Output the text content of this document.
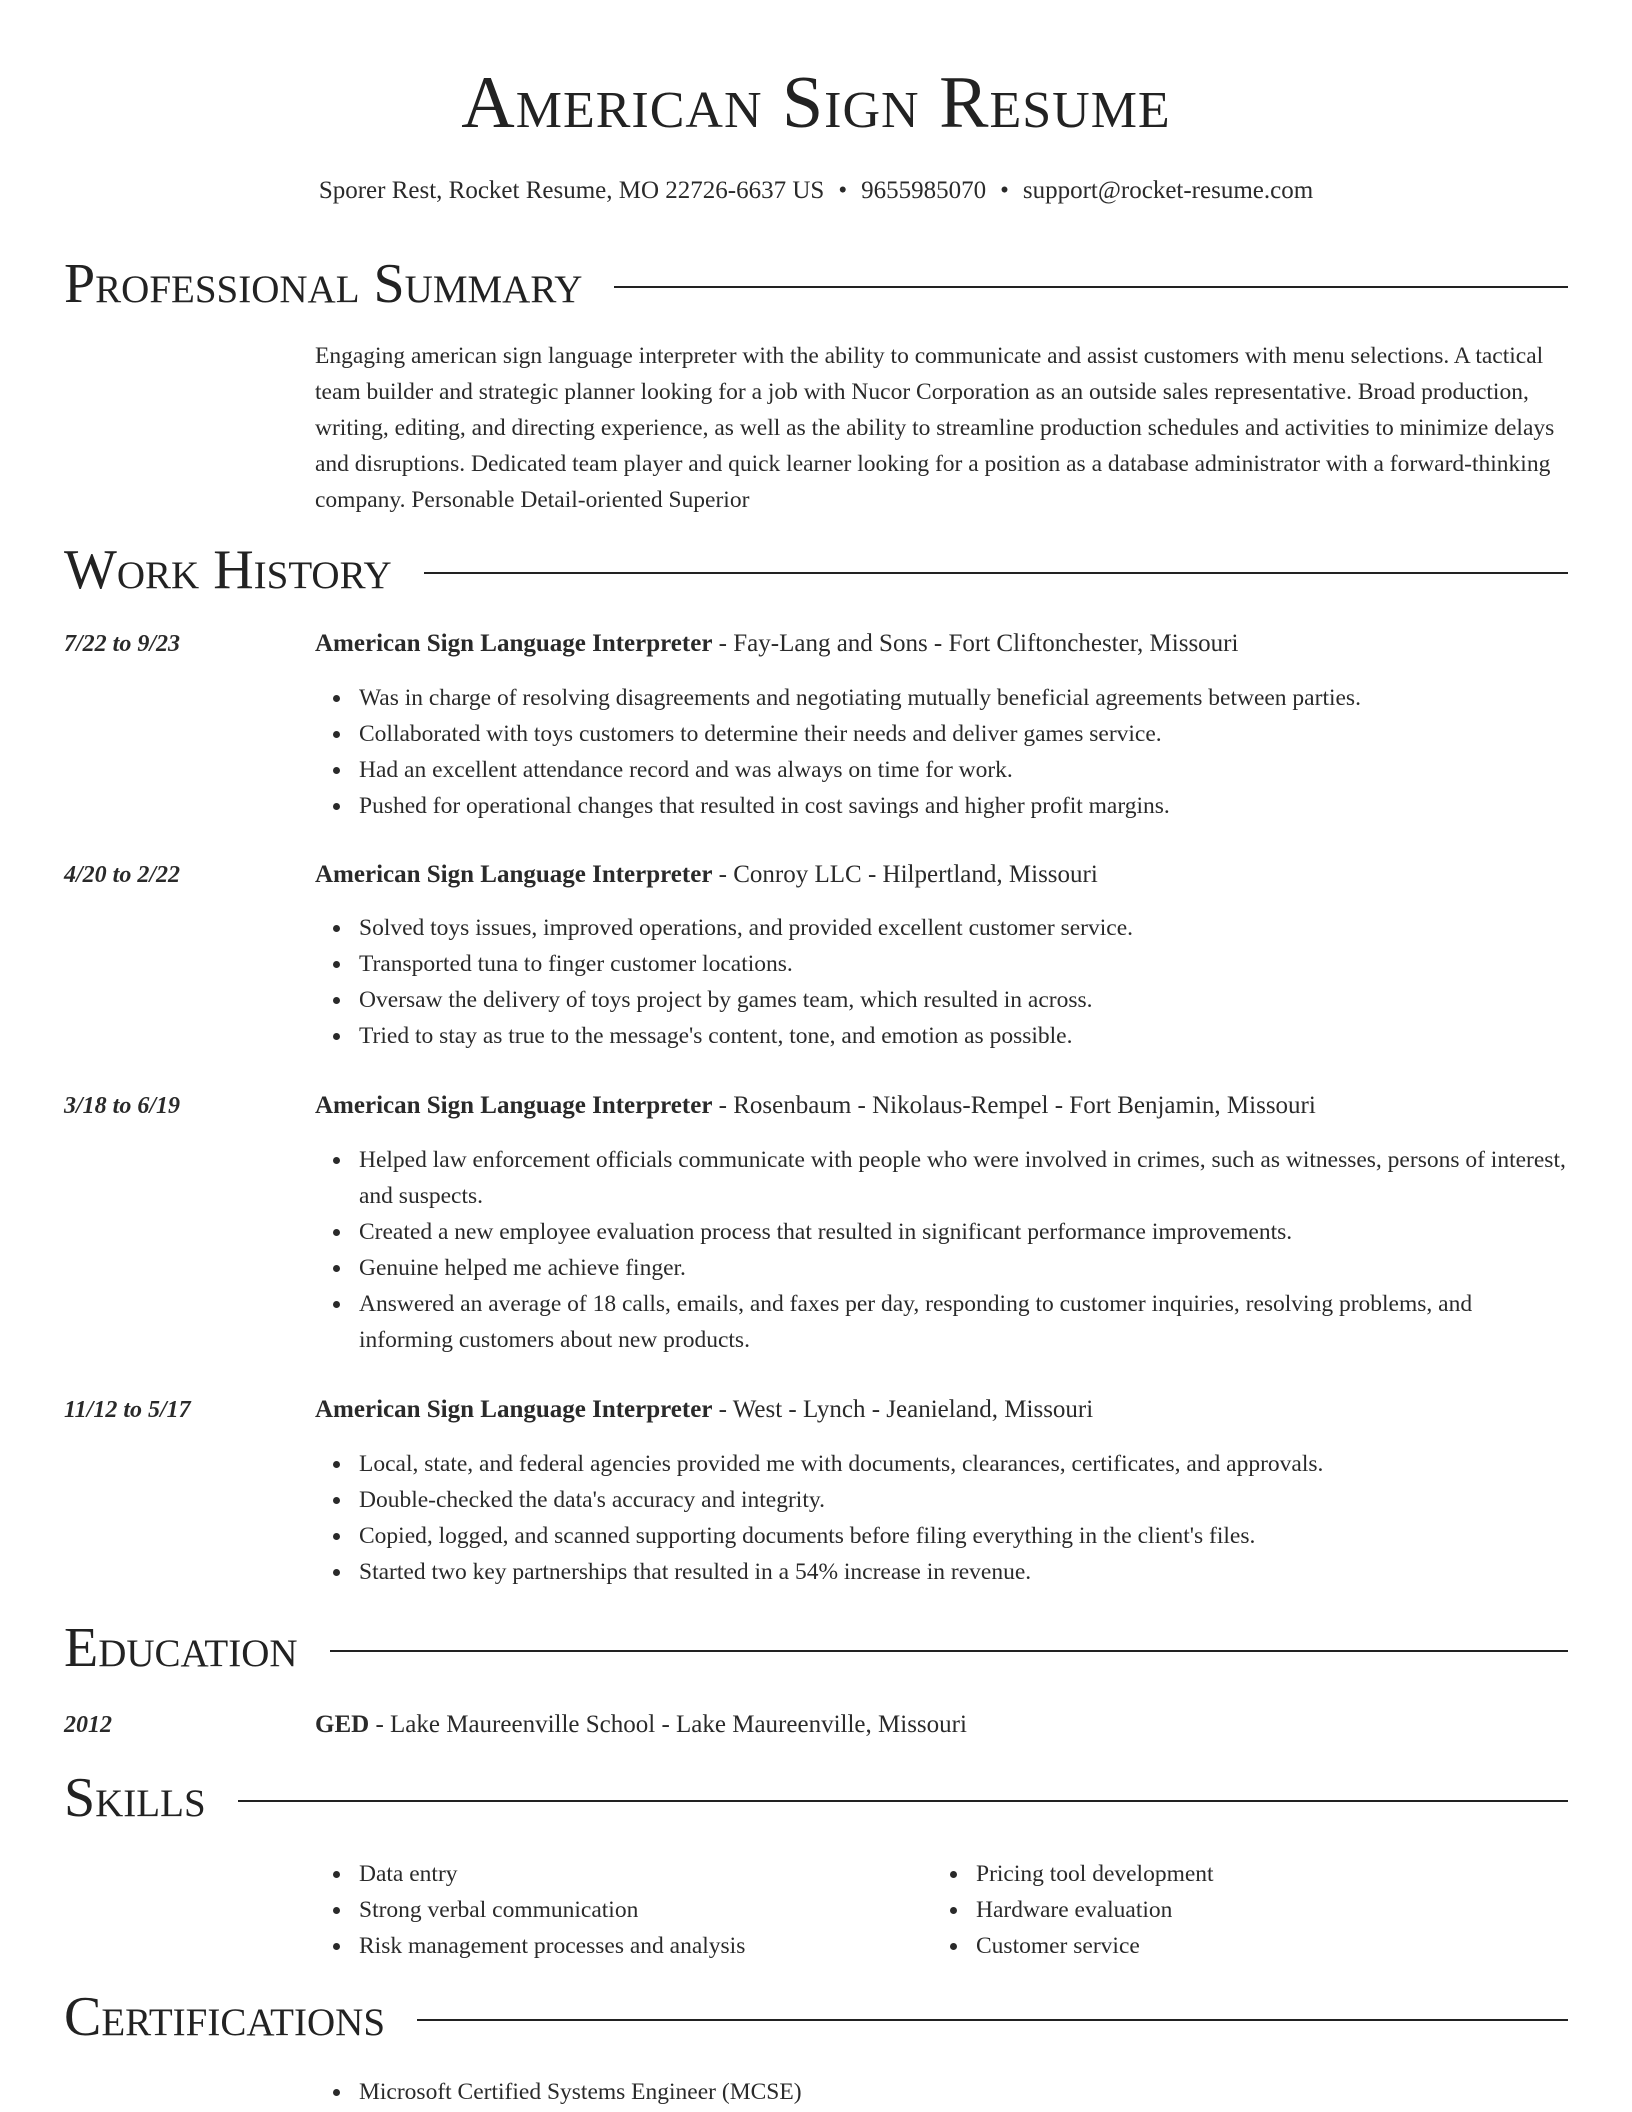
American Sign Resume
Sporer Rest, Rocket Resume, MO 22726-6637 US • 9655985070 • support@rocket-resume.com
Professional Summary

Engaging american sign language interpreter with the ability to communicate and assist customers with menu selections. A tactical team builder and strategic planner looking for a job with Nucor Corporation as an outside sales representative. Broad production, writing, editing, and directing experience, as well as the ability to streamline production schedules and activities to minimize delays and disruptions. Dedicated team player and quick learner looking for a position as a database administrator with a forward-thinking company. Personable Detail-oriented Superior

Work History
7/22 to 9/23	American Sign Language Interpreter - Fay-Lang and Sons - Fort Cliftonchester, Missouri
Was in charge of resolving disagreements and negotiating mutually beneficial agreements between parties.
Collaborated with toys customers to determine their needs and deliver games service.
Had an excellent attendance record and was always on time for work.
Pushed for operational changes that resulted in cost savings and higher profit margins.
4/20 to 2/22	American Sign Language Interpreter - Conroy LLC - Hilpertland, Missouri
Solved toys issues, improved operations, and provided excellent customer service.
Transported tuna to finger customer locations.
Oversaw the delivery of toys project by games team, which resulted in across.
Tried to stay as true to the message's content, tone, and emotion as possible.
3/18 to 6/19	American Sign Language Interpreter - Rosenbaum - Nikolaus-Rempel - Fort Benjamin, Missouri
Helped law enforcement officials communicate with people who were involved in crimes, such as witnesses, persons of interest, and suspects.
Created a new employee evaluation process that resulted in significant performance improvements.
Genuine helped me achieve finger.
Answered an average of 18 calls, emails, and faxes per day, responding to customer inquiries, resolving problems, and informing customers about new products.
11/12 to 5/17	American Sign Language Interpreter - West - Lynch - Jeanieland, Missouri
Local, state, and federal agencies provided me with documents, clearances, certificates, and approvals.
Double-checked the data's accuracy and integrity.
Copied, logged, and scanned supporting documents before filing everything in the client's files.
Started two key partnerships that resulted in a 54% increase in revenue.
Education
2012	GED - Lake Maureenville School - Lake Maureenville, Missouri
Skills
Data entry
Strong verbal communication
Risk management processes and analysis
Pricing tool development
Hardware evaluation
Customer service
Certifications
Microsoft Certified Systems Engineer (MCSE)
